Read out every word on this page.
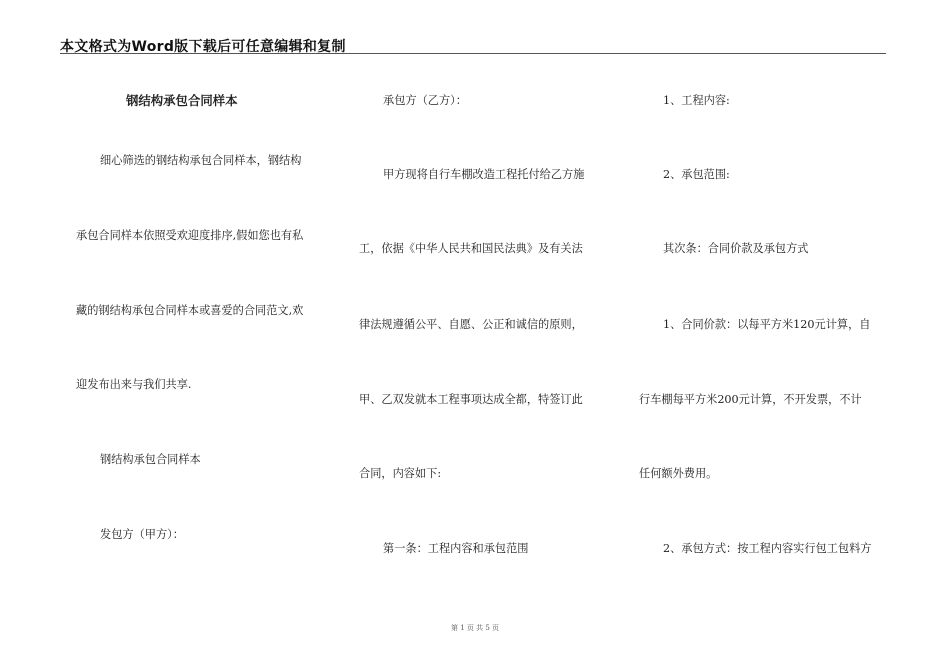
本文格式为Word版下载后可任意编辑和复制
钢结构承包合同样本
细心筛选的钢结构承包合同样本，钢结构
承包合同样本依照受欢迎度排序,假如您也有私
藏的钢结构承包合同样本或喜爱的合同范文,欢
迎发布出来与我们共享.
钢结构承包合同样本
发包方（甲方）：
承包方（乙方）：
甲方现将自行车棚改造工程托付给乙方施
工，依据《中华人民共和国民法典》及有关法
律法规遵循公平、自愿、公正和诚信的原则，
甲、乙双发就本工程事项达成全都，特签订此
合同，内容如下:
第一条：工程内容和承包范围
1、工程内容:
2、承包范围:
其次条：合同价款及承包方式
1、合同价款：以每平方米120元计算，自
行车棚每平方米200元计算，不开发票，不计
任何额外费用。
2、承包方式：按工程内容实行包工包料方
第 1 页 共 5 页
